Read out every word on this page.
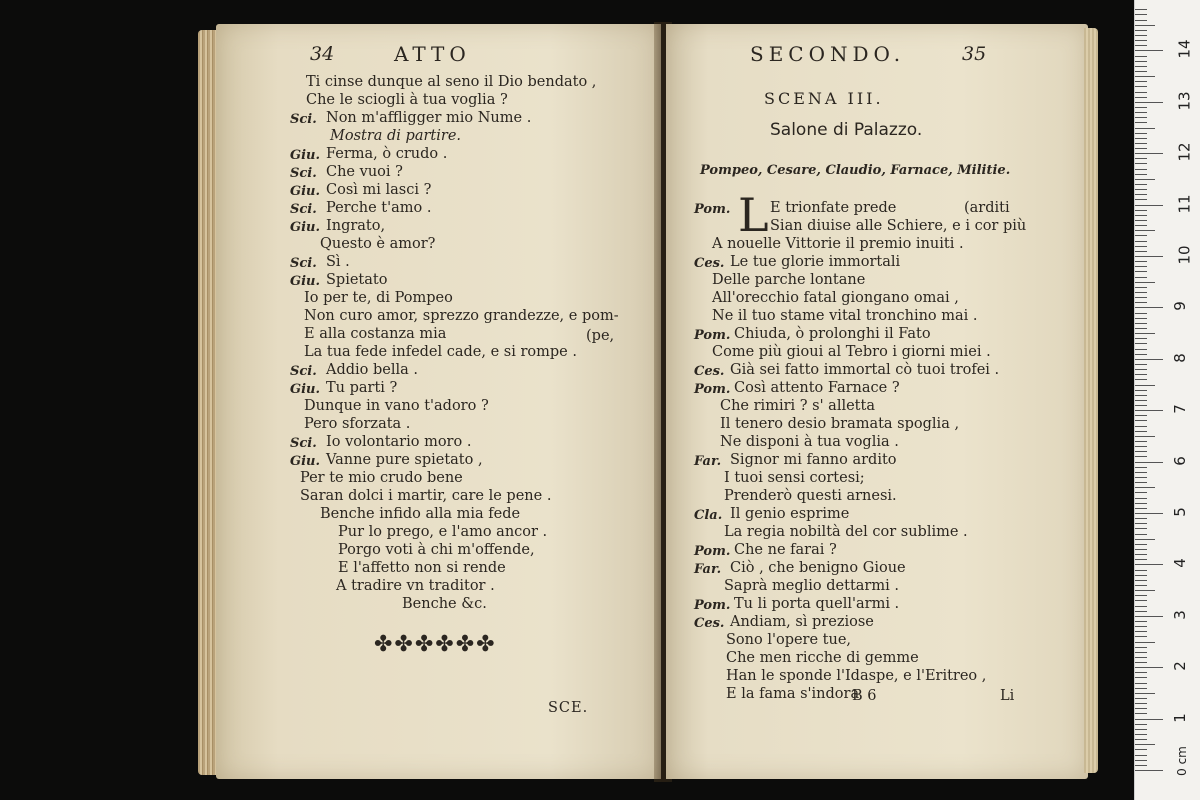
34	ATTO
✤✤✤✤✤✤
SCE.
Ti cinse dunque al seno il Dio bendato ,
Che le sciogli à tua voglia ?
Sci. Non m'affligger mio Nume .
Mostra di partire.
Giu. Ferma, ò crudo .
Sci. Che vuoi ?
Giu. Così mi lasci ?
Sci. Perche t'amo .
Giu. Ingrato,
Questo è amor?
Sci. Sì .
Giu. Spietato
Io per te, di Pompeo
Non curo amor, sprezzo grandezze, e pom-
E alla costanza mia	(pe,
La tua fede infedel cade, e si rompe .
Sci. Addio bella .
Giu. Tu parti ?
Dunque in vano t'adoro ?
Pero sforzata .
Sci. Io volontario moro .
Giu. Vanne pure spietato ,
Per te mio crudo bene
Saran dolci i martir, care le pene .
Benche infido alla mia fede
Pur lo prego, e l'amo ancor .
Porgo voti à chi m'offende,
E l'affetto non si rende
A tradire vn traditor .
Benche &c.
SECONDO.	35
SCENA III.
Salone di Palazzo.
Pompeo, Cesare, Claudio, Farnace, Militie.
L
B 6	Li
Pom.	E trionfate prede	(arditi
Sian diuise alle Schiere, e i cor più
A nouelle Vittorie il premio inuiti .
Ces. Le tue glorie immortali
Delle parche lontane
All'orecchio fatal giongano omai ,
Ne il tuo stame vital tronchino mai .
Pom. Chiuda, ò prolonghi il Fato
Come più gioui al Tebro i giorni miei .
Ces. Già sei fatto immortal cò tuoi trofei .
Pom. Così attento Farnace ?
Che rimiri ? s' alletta
Il tenero desio bramata spoglia ,
Ne disponi à tua voglia .
Far. Signor mi fanno ardito
I tuoi sensi cortesi;
Prenderò questi arnesi.
Cla. Il genio esprime
La regia nobiltà del cor sublime .
Pom. Che ne farai ?
Far. Ciò , che benigno Gioue
Saprà meglio dettarmi .
Pom. Tu li porta quell'armi .
Ces. Andiam, sì preziose
Sono l'opere tue,
Che men ricche di gemme
Han le sponde l'Idaspe, e l'Eritreo ,
E la fama s'indora
0 cm
1
2
3
4
5
6
7
8
9
10
11
12
13
14
